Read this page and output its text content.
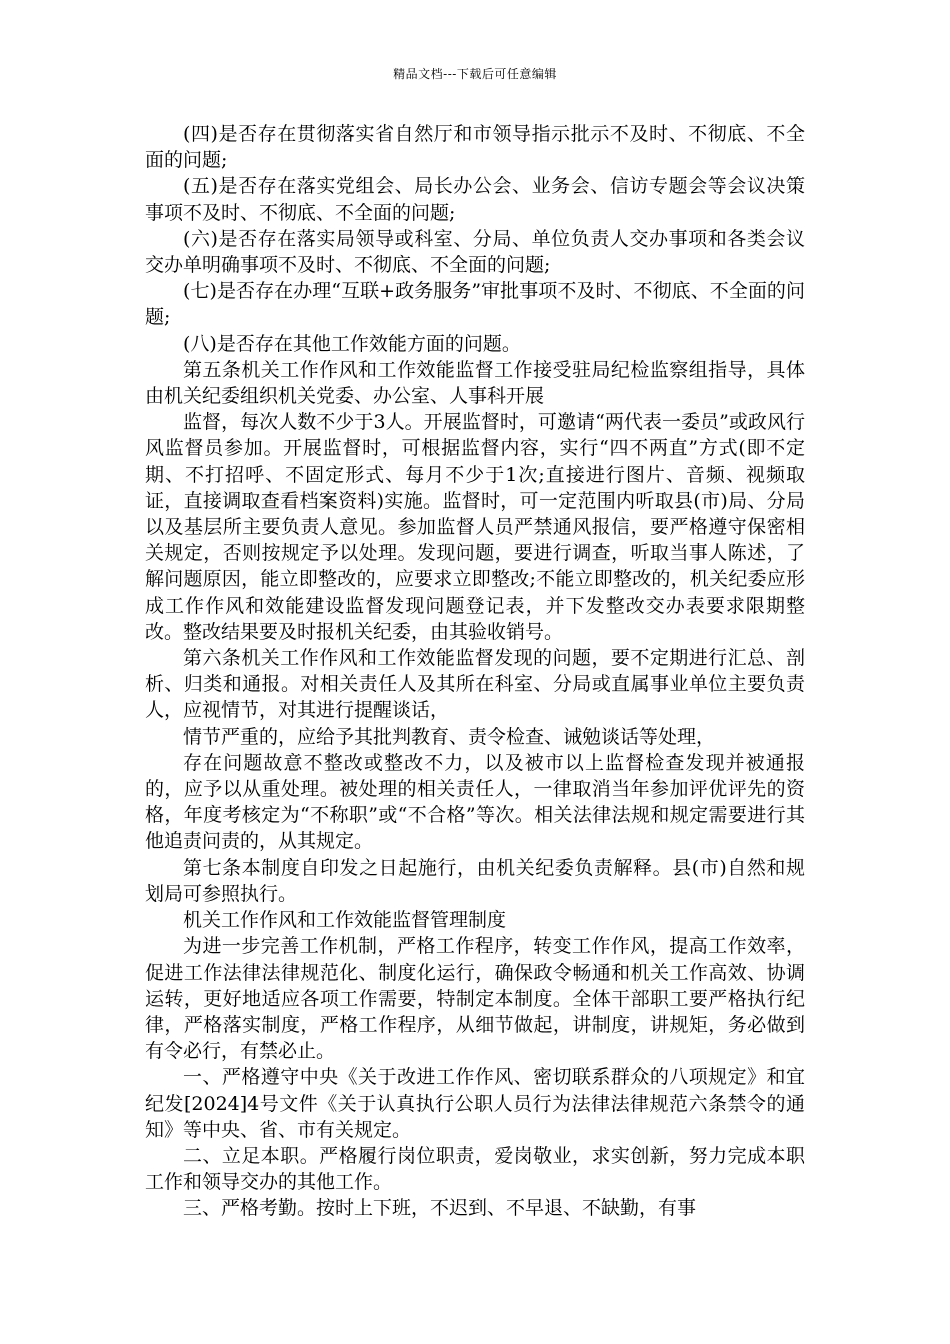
精品文档---下载后可任意编辑

(四)是否存在贯彻落实省自然厅和市领导指示批示不及时、不彻底、不全面的问题;

(五)是否存在落实党组会、局长办公会、业务会、信访专题会等会议决策事项不及时、不彻底、不全面的问题;

(六)是否存在落实局领导或科室、分局、单位负责人交办事项和各类会议交办单明确事项不及时、不彻底、不全面的问题;

(七)是否存在办理“互联+政务服务”审批事项不及时、不彻底、不全面的问题;

(八)是否存在其他工作效能方面的问题。

第五条机关工作作风和工作效能监督工作接受驻局纪检监察组指导，具体由机关纪委组织机关党委、办公室、人事科开展

监督，每次人数不少于3人。开展监督时，可邀请“两代表一委员”或政风行风监督员参加。开展监督时，可根据监督内容，实行“四不两直”方式(即不定期、不打招呼、不固定形式、每月不少于1次;直接进行图片、音频、视频取证，直接调取查看档案资料)实施。监督时，可一定范围内听取县(市)局、分局以及基层所主要负责人意见。参加监督人员严禁通风报信，要严格遵守保密相关规定，否则按规定予以处理。发现问题，要进行调查，听取当事人陈述，了解问题原因，能立即整改的，应要求立即整改;不能立即整改的，机关纪委应形成工作作风和效能建设监督发现问题登记表，并下发整改交办表要求限期整改。整改结果要及时报机关纪委，由其验收销号。

第六条机关工作作风和工作效能监督发现的问题，要不定期进行汇总、剖析、归类和通报。对相关责任人及其所在科室、分局或直属事业单位主要负责人，应视情节，对其进行提醒谈话，

情节严重的，应给予其批判教育、责令检查、诫勉谈话等处理，

存在问题故意不整改或整改不力，以及被市以上监督检查发现并被通报的，应予以从重处理。被处理的相关责任人，一律取消当年参加评优评先的资格，年度考核定为“不称职”或“不合格”等次。相关法律法规和规定需要进行其他追责问责的，从其规定。

第七条本制度自印发之日起施行，由机关纪委负责解释。县(市)自然和规划局可参照执行。

机关工作作风和工作效能监督管理制度

为进一步完善工作机制，严格工作程序，转变工作作风，提高工作效率，促进工作法律法律规范化、制度化运行，确保政令畅通和机关工作高效、协调运转，更好地适应各项工作需要，特制定本制度。全体干部职工要严格执行纪律，严格落实制度，严格工作程序，从细节做起，讲制度，讲规矩，务必做到有令必行，有禁必止。

一、严格遵守中央《关于改进工作作风、密切联系群众的八项规定》和宜纪发[2024]4号文件《关于认真执行公职人员行为法律法律规范六条禁令的通知》等中央、省、市有关规定。

二、立足本职。严格履行岗位职责，爱岗敬业，求实创新，努力完成本职工作和领导交办的其他工作。

三、严格考勤。按时上下班，不迟到、不早退、不缺勤，有事
